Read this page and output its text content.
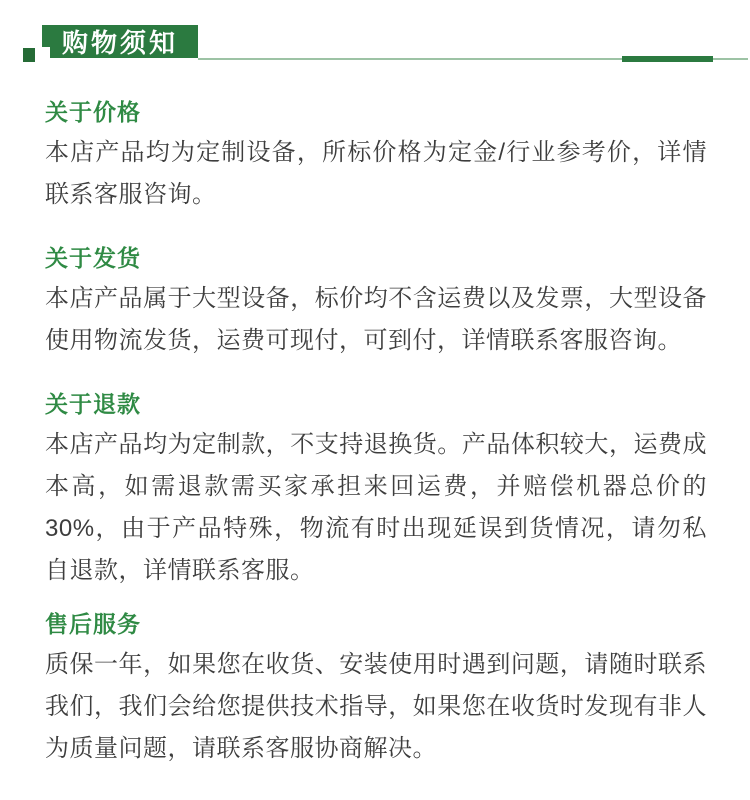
购物须知
关于价格

本店产品均为定制设备，所标价格为定金/行业参考价，详情联系客服咨询。

关于发货

本店产品属于大型设备，标价均不含运费以及发票，大型设备使用物流发货，运费可现付，可到付，详情联系客服咨询。

关于退款

本店产品均为定制款，不支持退换货。产品体积较大，运费成本高，如需退款需买家承担来回运费，并赔偿机器总价的30%，由于产品特殊，物流有时出现延误到货情况，请勿私自退款，详情联系客服。

售后服务

质保一年，如果您在收货、安装使用时遇到问题，请随时联系我们，我们会给您提供技术指导，如果您在收货时发现有非人为质量问题，请联系客服协商解决。
